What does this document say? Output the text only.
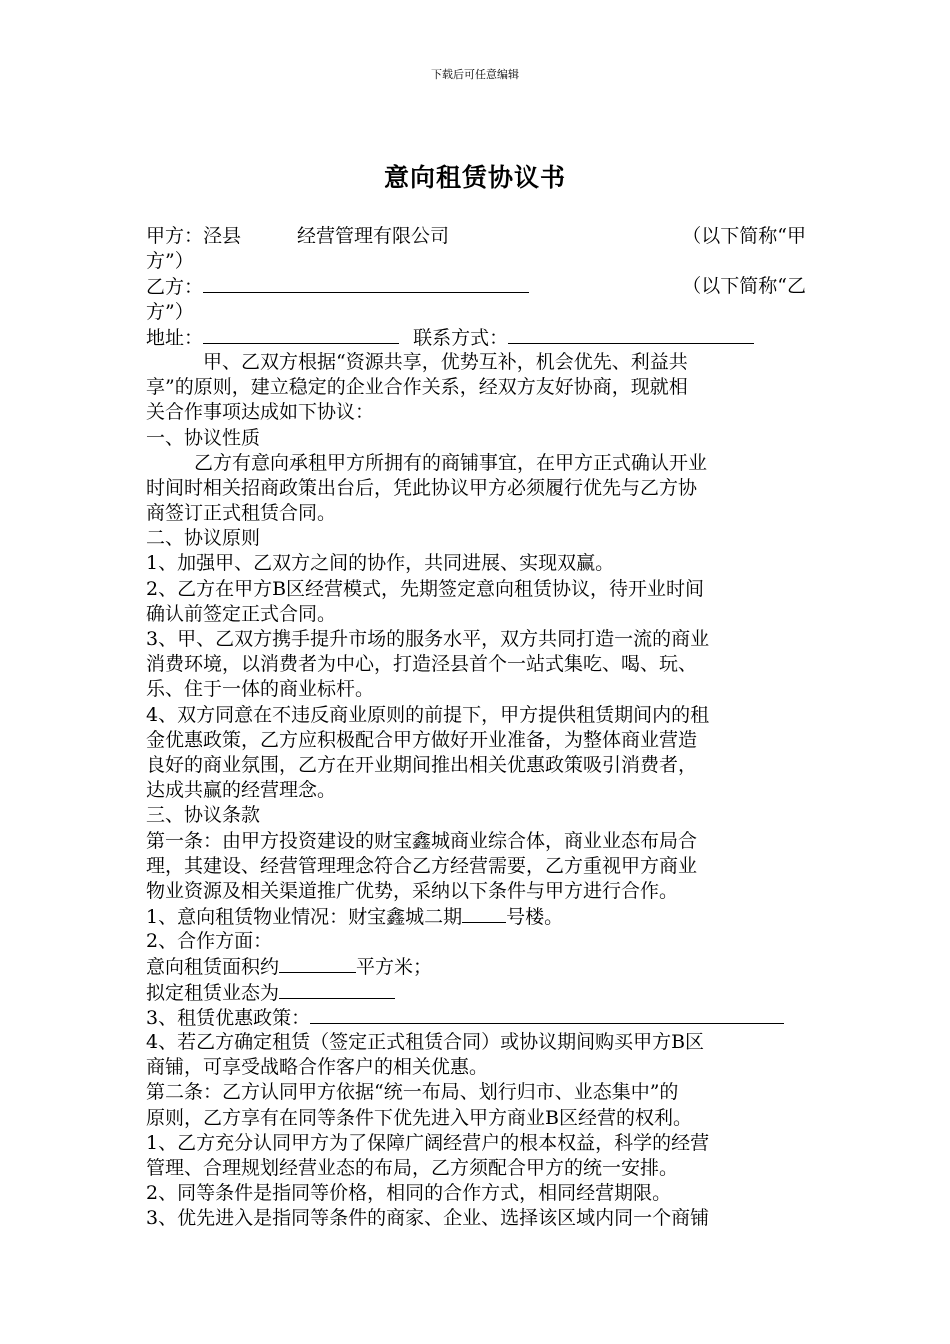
下载后可任意编辑
意向租赁协议书
甲方：泾县	经营管理有限公司	（以下简称“甲
方”）
乙方：	（以下简称“乙
方”）
地址：	联系方式：
甲、乙双方根据“资源共享，优势互补，机会优先、利益共
享”的原则，建立稳定的企业合作关系，经双方友好协商，现就相
关合作事项达成如下协议：
一、协议性质
乙方有意向承租甲方所拥有的商铺事宜，在甲方正式确认开业
时间时相关招商政策出台后，凭此协议甲方必须履行优先与乙方协
商签订正式租赁合同。
二、协议原则
1、加强甲、乙双方之间的协作，共同进展、实现双赢。
2、乙方在甲方B区经营模式，先期签定意向租赁协议，待开业时间
确认前签定正式合同。
3、甲、乙双方携手提升市场的服务水平，双方共同打造一流的商业
消费环境，以消费者为中心，打造泾县首个一站式集吃、喝、玩、
乐、住于一体的商业标杆。
4、双方同意在不违反商业原则的前提下，甲方提供租赁期间内的租
金优惠政策，乙方应积极配合甲方做好开业准备，为整体商业营造
良好的商业氛围，乙方在开业期间推出相关优惠政策吸引消费者，
达成共赢的经营理念。
三、协议条款
第一条：由甲方投资建设的财宝鑫城商业综合体，商业业态布局合
理，其建设、经营管理理念符合乙方经营需要，乙方重视甲方商业
物业资源及相关渠道推广优势，采纳以下条件与甲方进行合作。
1、意向租赁物业情况：财宝鑫城二期 号楼。
2、合作方面：
意向租赁面积约	平方米；
拟定租赁业态为
3、租赁优惠政策：
4、若乙方确定租赁（签定正式租赁合同）或协议期间购买甲方B区
商铺，可享受战略合作客户的相关优惠。
第二条：乙方认同甲方依据“统一布局、划行归市、业态集中”的
原则，乙方享有在同等条件下优先进入甲方商业B区经营的权利。
1、乙方充分认同甲方为了保障广阔经营户的根本权益，科学的经营
管理、合理规划经营业态的布局，乙方须配合甲方的统一安排。
2、同等条件是指同等价格，相同的合作方式，相同经营期限。
3、优先进入是指同等条件的商家、企业、选择该区域内同一个商铺
